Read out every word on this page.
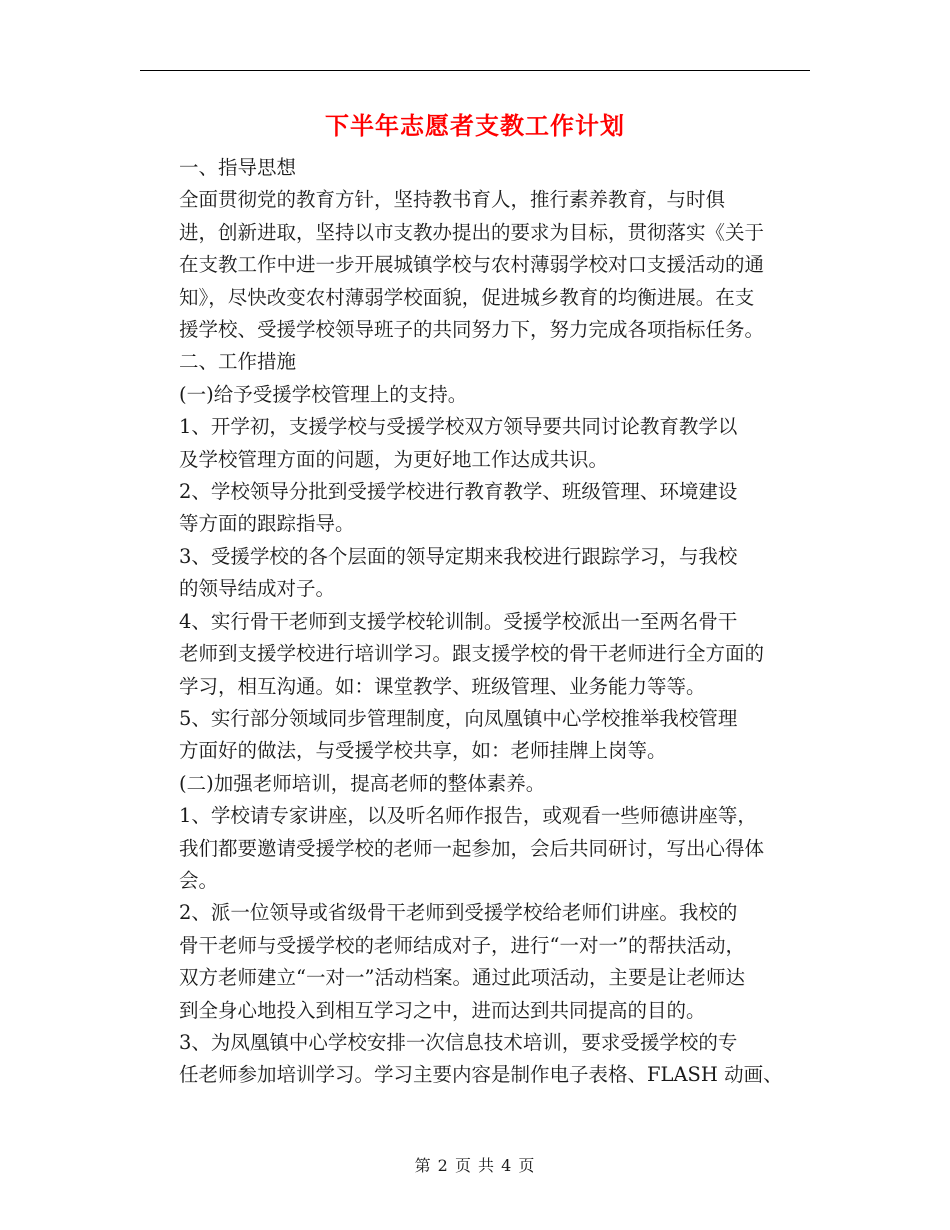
下半年志愿者支教工作计划

一、指导思想

全面贯彻党的教育方针，坚持教书育人，推行素养教育，与时俱
进，创新进取，坚持以市支教办提出的要求为目标，贯彻落实《关于
在支教工作中进一步开展城镇学校与农村薄弱学校对口支援活动的通
知》，尽快改变农村薄弱学校面貌，促进城乡教育的均衡进展。在支
援学校、受援学校领导班子的共同努力下，努力完成各项指标任务。

二、工作措施

(一)给予受援学校管理上的支持。

1、开学初，支援学校与受援学校双方领导要共同讨论教育教学以
及学校管理方面的问题，为更好地工作达成共识。

2、学校领导分批到受援学校进行教育教学、班级管理、环境建设
等方面的跟踪指导。

3、受援学校的各个层面的领导定期来我校进行跟踪学习，与我校
的领导结成对子。

4、实行骨干老师到支援学校轮训制。受援学校派出一至两名骨干
老师到支援学校进行培训学习。跟支援学校的骨干老师进行全方面的
学习，相互沟通。如：课堂教学、班级管理、业务能力等等。

5、实行部分领域同步管理制度，向凤凰镇中心学校推举我校管理
方面好的做法，与受援学校共享，如：老师挂牌上岗等。

(二)加强老师培训，提高老师的整体素养。

1、学校请专家讲座，以及听名师作报告，或观看一些师德讲座等，
我们都要邀请受援学校的老师一起参加，会后共同研讨，写出心得体
会。

2、派一位领导或省级骨干老师到受援学校给老师们讲座。我校的
骨干老师与受援学校的老师结成对子，进行“一对一”的帮扶活动，
双方老师建立“一对一”活动档案。通过此项活动，主要是让老师达
到全身心地投入到相互学习之中，进而达到共同提高的目的。

3、为凤凰镇中心学校安排一次信息技术培训，要求受援学校的专
任老师参加培训学习。学习主要内容是制作电子表格、FLASH 动画、

第 2 页 共 4 页
